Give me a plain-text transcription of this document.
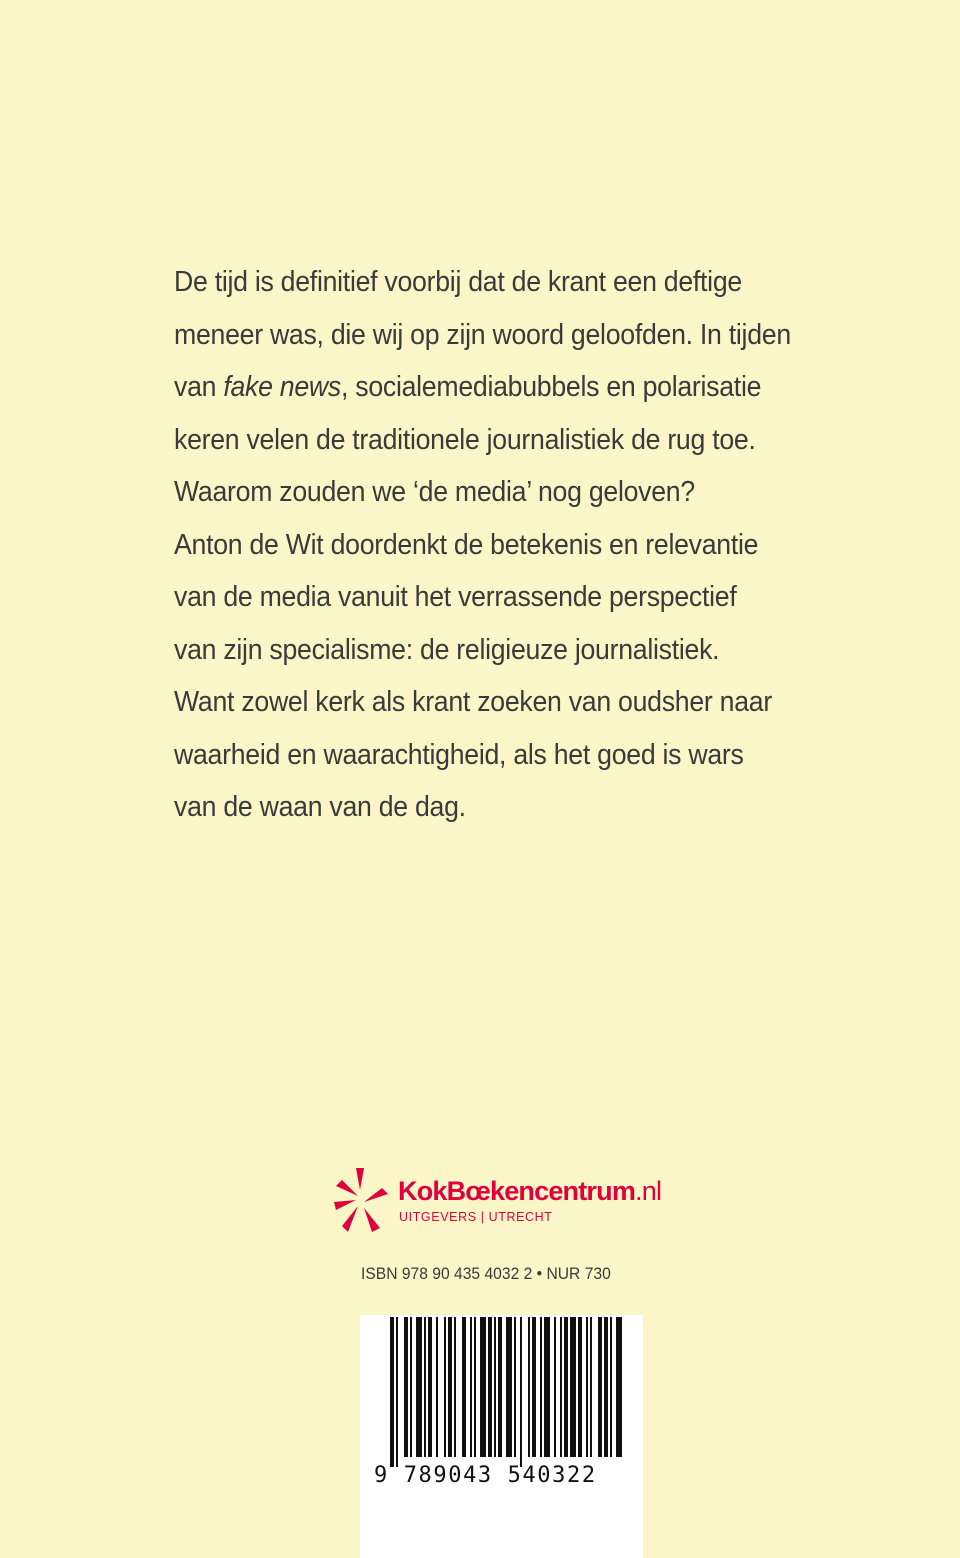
De tijd is definitief voorbij dat de krant een deftige
meneer was, die wij op zijn woord geloofden. In tijden
van fake news, socialemediabubbels en polarisatie
keren velen de traditionele journalistiek de rug toe.
Waarom zouden we ‘de media’ nog geloven?
Anton de Wit doordenkt de betekenis en relevantie
van de media vanuit het verrassende perspectief
van zijn specialisme: de religieuze journalistiek.
Want zowel kerk als krant zoeken van oudsher naar
waarheid en waarachtigheid, als het goed is wars
van de waan van de dag.

KokBœkencentrum.nl
UITGEVERS | UTRECHT
ISBN 978 90 435 4032 2 • NUR 730
9 789043 540322
